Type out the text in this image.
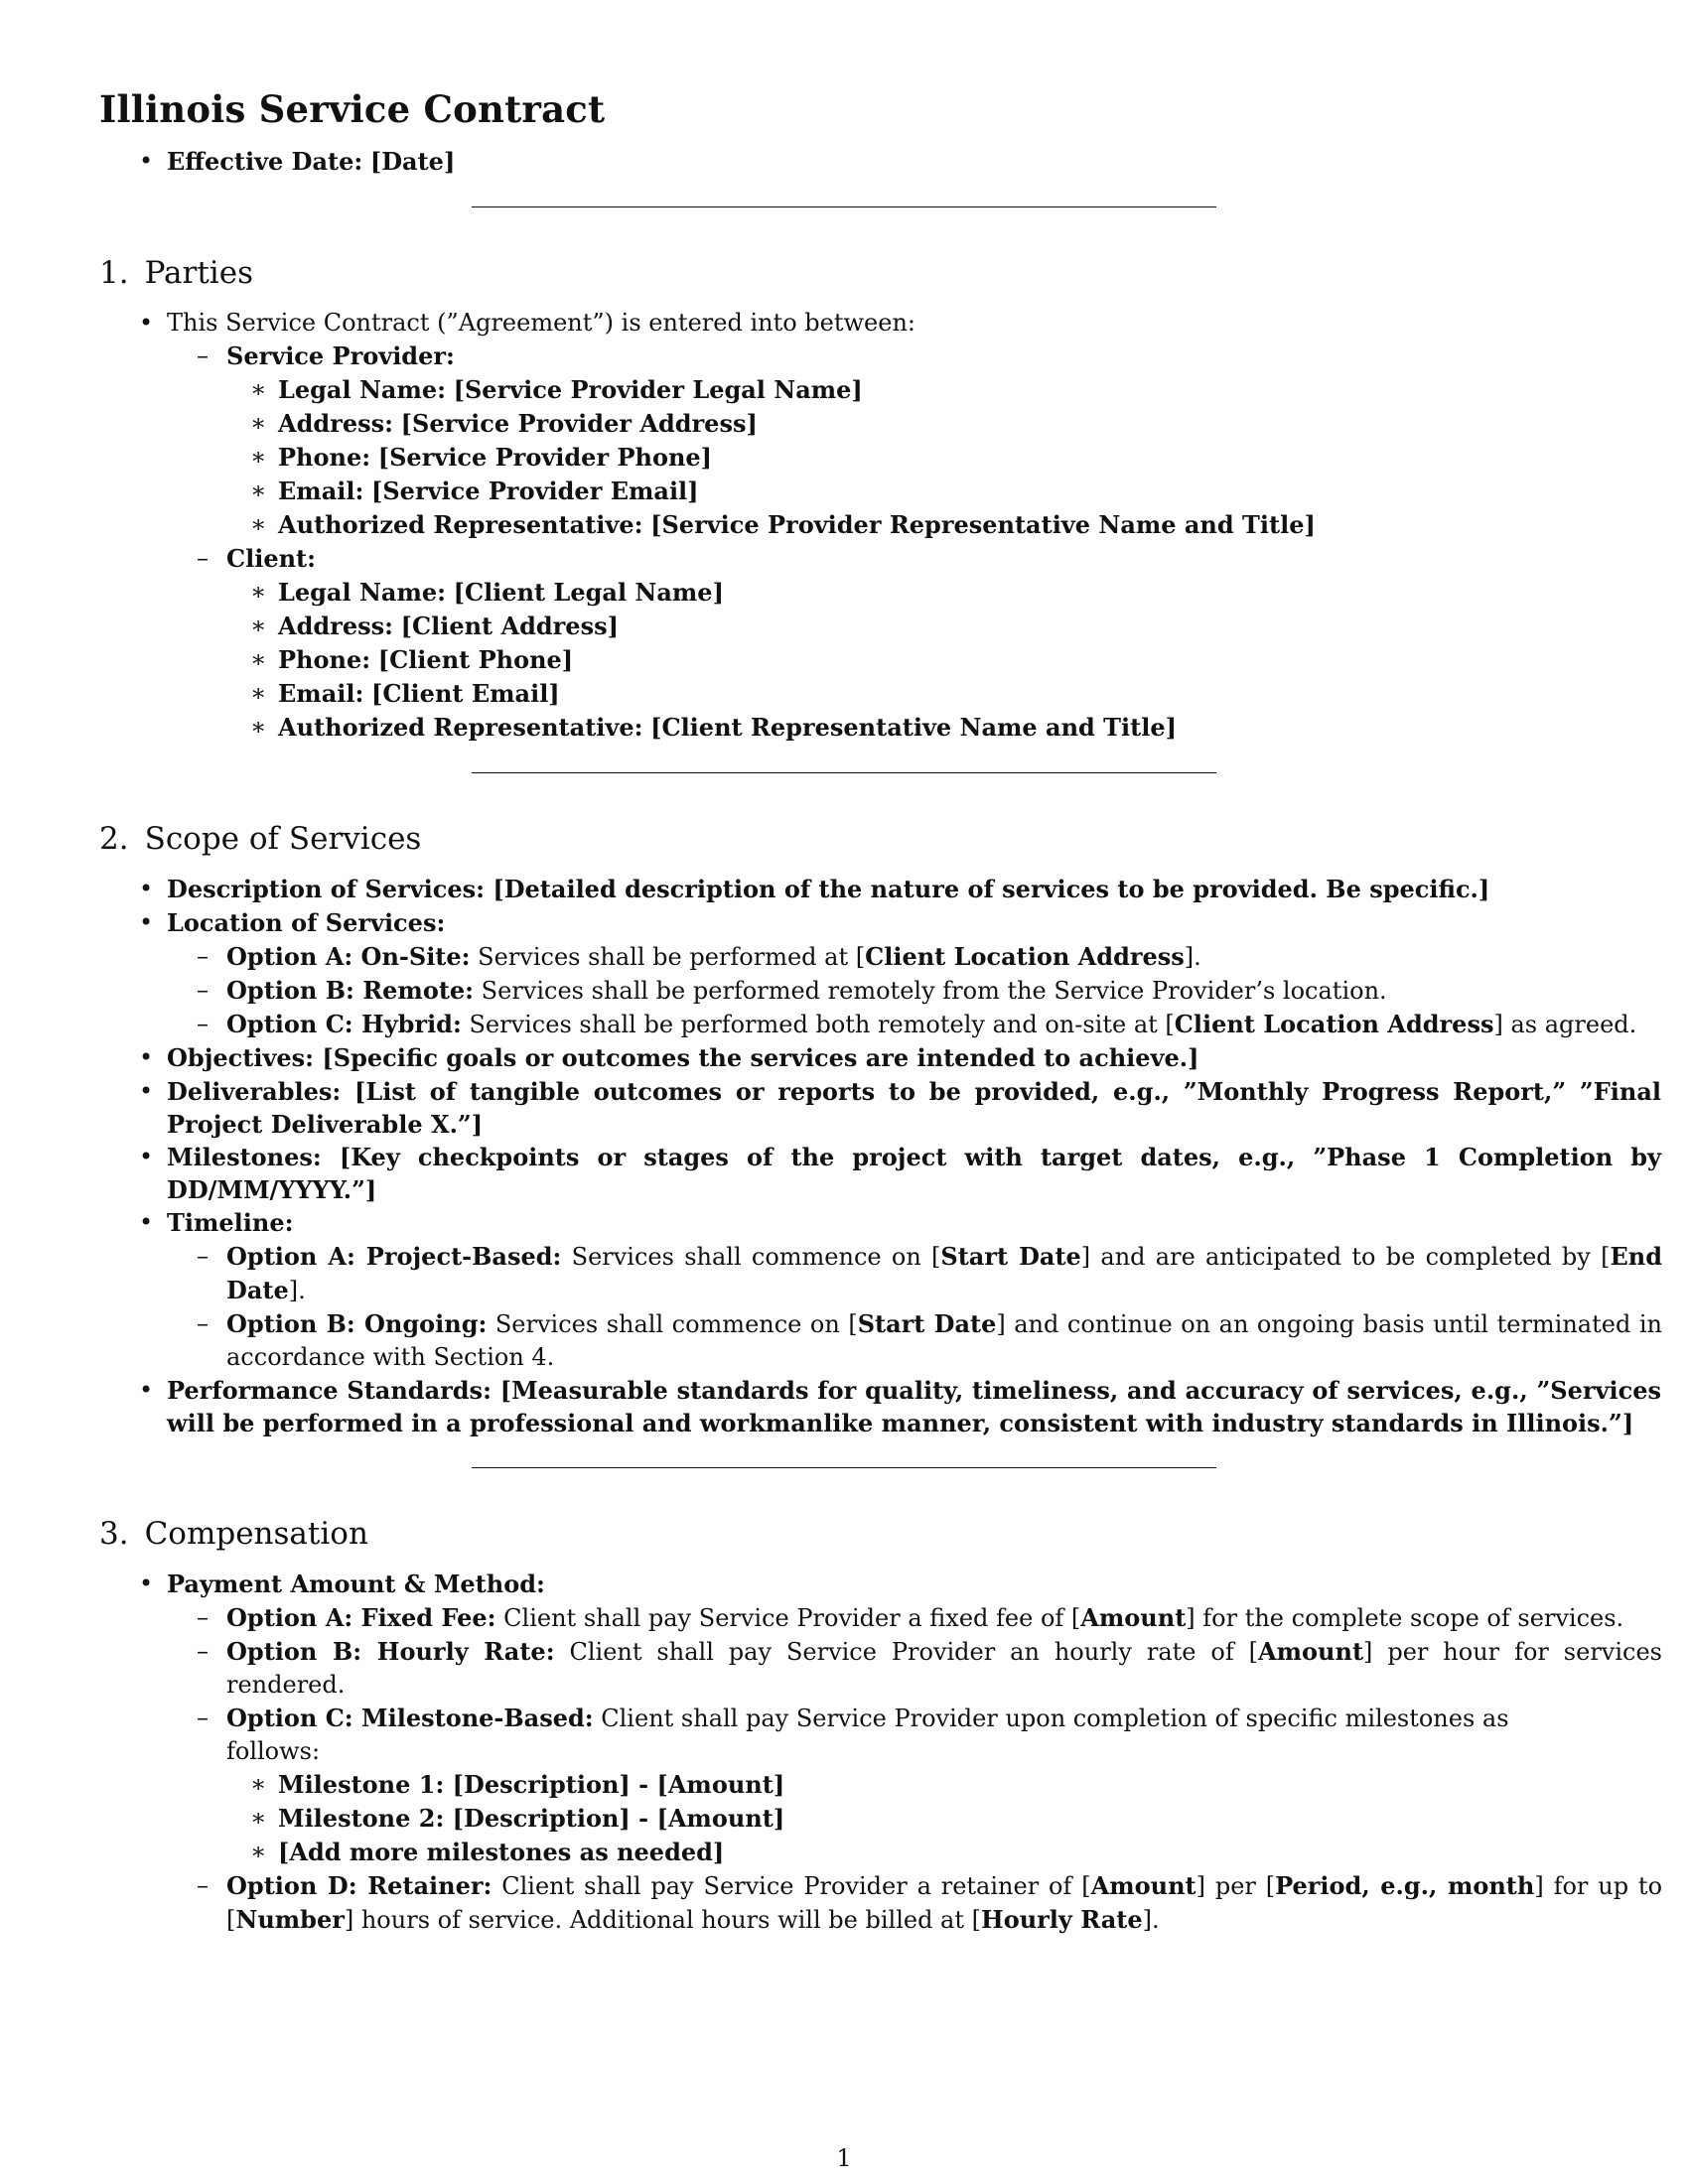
Illinois Service Contract
• Effective Date: [Date]
1. Parties
• This Service Contract (”Agreement”) is entered into between:
– Service Provider:
∗ Legal Name: [Service Provider Legal Name]
∗ Address: [Service Provider Address]
∗ Phone: [Service Provider Phone]
∗ Email: [Service Provider Email]
∗ Authorized Representative: [Service Provider Representative Name and Title]
– Client:
∗ Legal Name: [Client Legal Name]
∗ Address: [Client Address]
∗ Phone: [Client Phone]
∗ Email: [Client Email]
∗ Authorized Representative: [Client Representative Name and Title]
2. Scope of Services
• Description of Services: [Detailed description of the nature of services to be provided. Be specific.]
• Location of Services:
– Option A: On-Site: Services shall be performed at [Client Location Address].
– Option B: Remote: Services shall be performed remotely from the Service Provider’s location.
– Option C: Hybrid: Services shall be performed both remotely and on-site at [Client Location Address] as agreed.
• Objectives: [Specific goals or outcomes the services are intended to achieve.]
• Deliverables: [List of tangible outcomes or reports to be provided, e.g., ”Monthly Progress Report,” ”Final Project Deliverable X.”]
• Milestones: [Key checkpoints or stages of the project with target dates, e.g., ”Phase 1 Completion by DD/MM/YYYY.”]
• Timeline:
– Option A: Project-Based: Services shall commence on [Start Date] and are anticipated to be completed by [End Date].
– Option B: Ongoing: Services shall commence on [Start Date] and continue on an ongoing basis until terminated in accordance with Section 4.
• Performance Standards: [Measurable standards for quality, timeliness, and accuracy of services, e.g., ”Services will be performed in a professional and workmanlike manner, consistent with industry standards in Illinois.”]
3. Compensation
• Payment Amount & Method:
– Option A: Fixed Fee: Client shall pay Service Provider a fixed fee of [Amount] for the complete scope of services.
– Option B: Hourly Rate: Client shall pay Service Provider an hourly rate of [Amount] per hour for services rendered.
– Option C: Milestone-Based: Client shall pay Service Provider upon completion of specific milestones as follows:
∗ Milestone 1: [Description] - [Amount]
∗ Milestone 2: [Description] - [Amount]
∗ [Add more milestones as needed]
– Option D: Retainer: Client shall pay Service Provider a retainer of [Amount] per [Period, e.g., month] for up to [Number] hours of service. Additional hours will be billed at [Hourly Rate].
1
